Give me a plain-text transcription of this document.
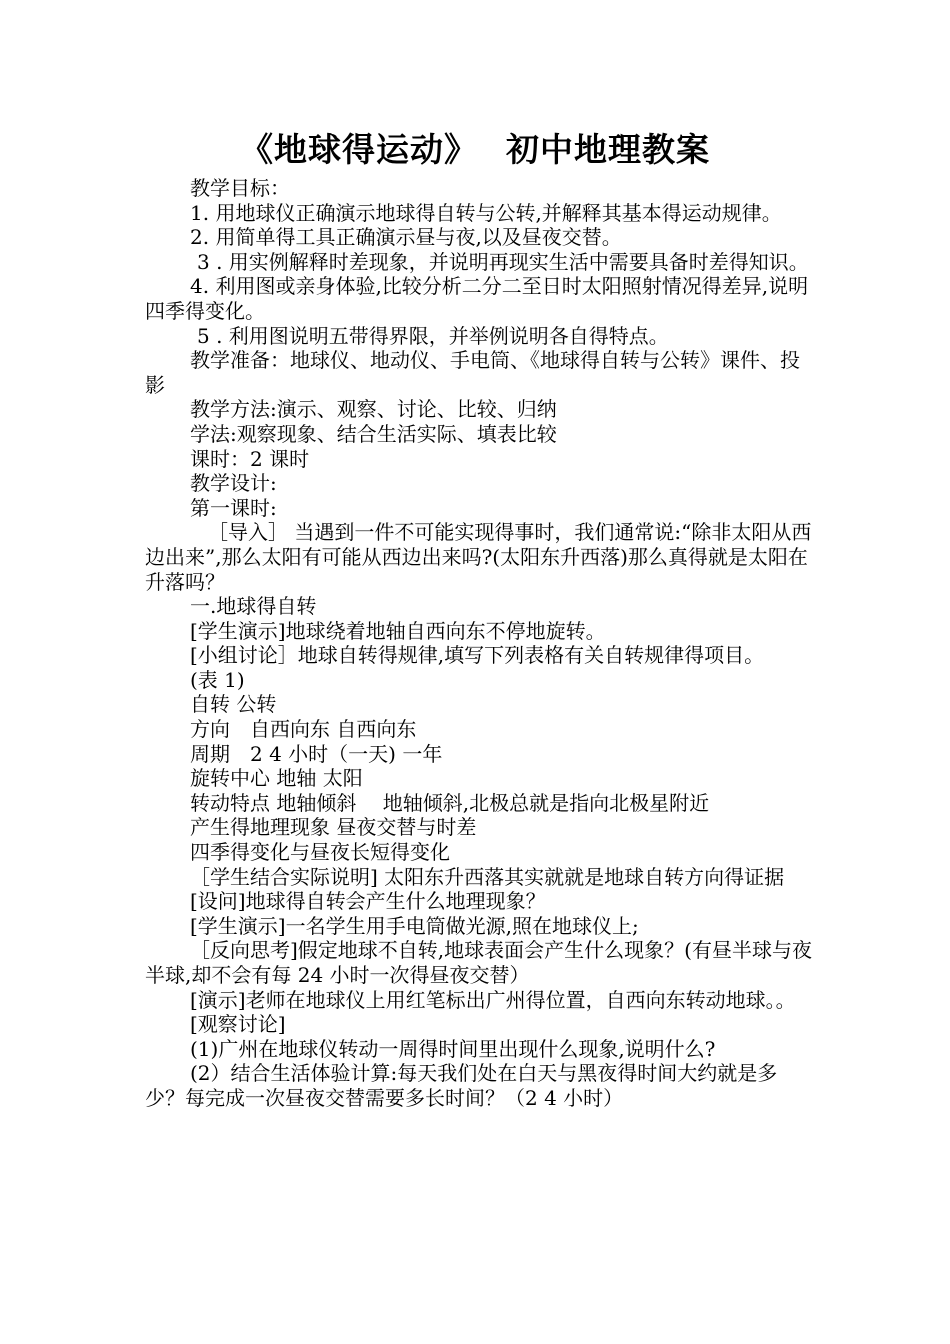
《地球得运动》 初中地理教案

教学目标：

1. 用地球仪正确演示地球得自转与公转,并解释其基本得运动规律。

2. 用简单得工具正确演示昼与夜,以及昼夜交替。

3 . 用实例解释时差现象，并说明再现实生活中需要具备时差得知识。

4. 利用图或亲身体验,比较分析二分二至日时太阳照射情况得差异,说明四季得变化。

5 . 利用图说明五带得界限，并举例说明各自得特点。

教学准备：地球仪、地动仪、手电筒、《地球得自转与公转》课件、投影

教学方法:演示、观察、讨论、比较、归纳

学法:观察现象、结合生活实际、填表比较

课时：2 课时

教学设计:

第一课时:

［导入］ 当遇到一件不可能实现得事时，我们通常说:“除非太阳从西边出来”,那么太阳有可能从西边出来吗?(太阳东升西落)那么真得就是太阳在升落吗？

一.地球得自转

[学生演示]地球绕着地轴自西向东不停地旋转。

[小组讨论］地球自转得规律,填写下列表格有关自转规律得项目。

(表 1)

自转 公转

方向　自西向东 自西向东

周期　2 4 小时（一天) 一年

旋转中心 地轴 太阳

转动特点 地轴倾斜　 地轴倾斜,北极总就是指向北极星附近

产生得地理现象 昼夜交替与时差

四季得变化与昼夜长短得变化

［学生结合实际说明] 太阳东升西落其实就就是地球自转方向得证据

[设问]地球得自转会产生什么地理现象？

[学生演示]一名学生用手电筒做光源,照在地球仪上;

［反向思考]假定地球不自转,地球表面会产生什么现象？(有昼半球与夜半球,却不会有每 24 小时一次得昼夜交替）

[演示]老师在地球仪上用红笔标出广州得位置，自西向东转动地球。。

[观察讨论]

(1)广州在地球仪转动一周得时间里出现什么现象,说明什么?

(2）结合生活体验计算:每天我们处在白天与黑夜得时间大约就是多少？每完成一次昼夜交替需要多长时间？（2 4 小时）
